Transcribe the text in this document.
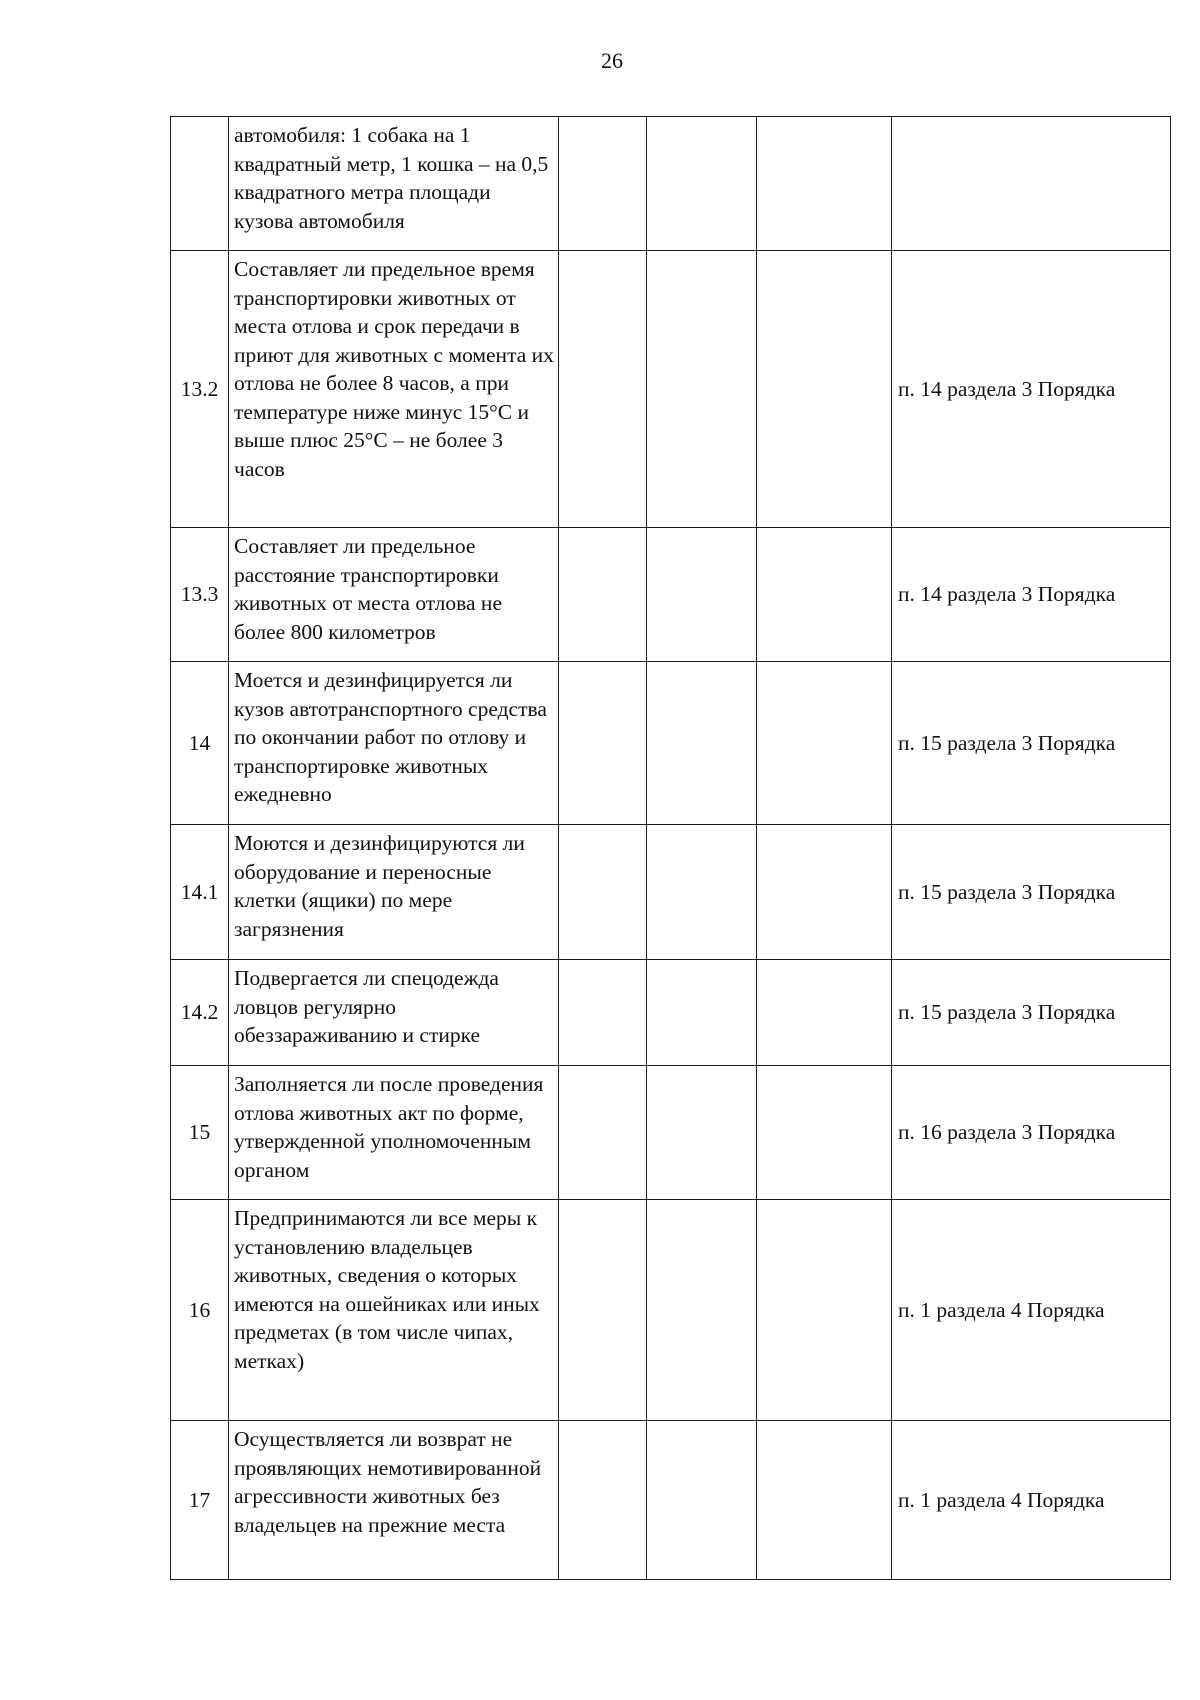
26
	автомобиля: 1 собака на 1 квадратный метр, 1 кошка – на 0,5 квадратного метра площади кузова автомобиля				
13.2	Составляет ли предельное время транспортировки животных от места отлова и срок передачи в приют для животных с момента их отлова не более 8 часов, а при температуре ниже минус 15°С и выше плюс 25°С – не более 3 часов				п. 14 раздела 3 Порядка
13.3	Составляет ли предельное расстояние транспортировки животных от места отлова не более 800 километров				п. 14 раздела 3 Порядка
14	Моется и дезинфицируется ли кузов автотранспортного средства по окончании работ по отлову и транспортировке животных ежедневно				п. 15 раздела 3 Порядка
14.1	Моются и дезинфицируются ли оборудование и переносные клетки (ящики) по мере загрязнения				п. 15 раздела 3 Порядка
14.2	Подвергается ли спецодежда ловцов регулярно обеззараживанию и стирке				п. 15 раздела 3 Порядка
15	Заполняется ли после проведения отлова животных акт по форме, утвержденной уполномоченным органом				п. 16 раздела 3 Порядка
16	Предпринимаются ли все меры к установлению владельцев животных, сведения о которых имеются на ошейниках или иных предметах (в том числе чипах, метках)				п. 1 раздела 4 Порядка
17	Осуществляется ли возврат не проявляющих немотивированной агрессивности животных без владельцев на прежние места				п. 1 раздела 4 Порядка
